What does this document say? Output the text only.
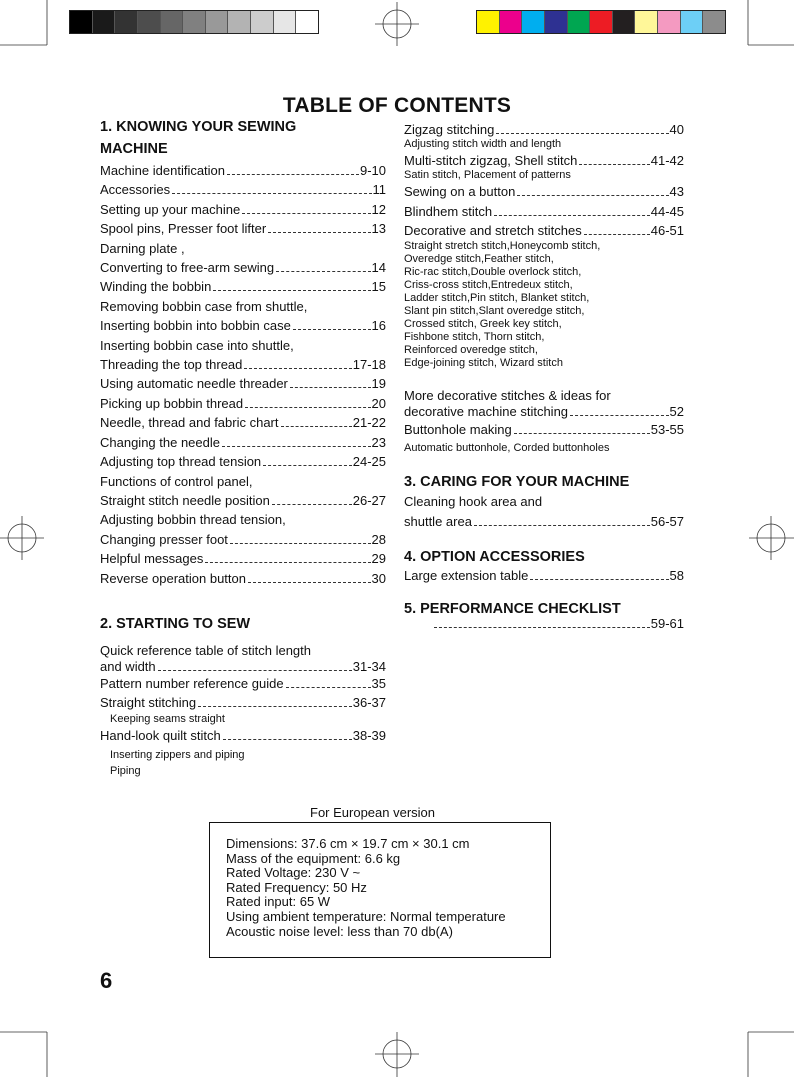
TABLE OF CONTENTS
1. KNOWING YOUR SEWING
MACHINE
Machine identification	9-10
Accessories	11
Setting up your machine	12
Spool pins, Presser foot lifter	13
Darning plate ,
Converting to free-arm sewing	14
Winding the bobbin	15
Removing bobbin case from shuttle,
Inserting bobbin into bobbin case	16
Inserting bobbin case into shuttle,
Threading the top thread	17-18
Using automatic needle threader	19
Picking up bobbin thread	20
Needle, thread and fabric chart	21-22
Changing the needle	23
Adjusting top thread tension	24-25
Functions of control panel,
Straight stitch needle position	26-27
Adjusting bobbin thread tension,
Changing presser foot	28
Helpful messages	29
Reverse operation button	30
2. STARTING TO SEW
Quick reference table of stitch length
and width	31-34
Pattern number reference guide	35
Straight stitching	36-37
Keeping seams straight
Hand-look quilt stitch	38-39
Inserting zippers and piping
Piping
Zigzag stitching	40
Adjusting stitch width and length
Multi-stitch zigzag, Shell stitch	41-42
Satin stitch, Placement of patterns
Sewing on a button	43
Blindhem stitch	44-45
Decorative and stretch stitches	46-51
Straight stretch stitch,Honeycomb stitch,
Overedge stitch,Feather stitch,
Ric-rac stitch,Double overlock stitch,
Criss-cross stitch,Entredeux stitch,
Ladder stitch,Pin stitch, Blanket stitch,
Slant pin stitch,Slant overedge stitch,
Crossed stitch, Greek key stitch,
Fishbone stitch, Thorn stitch,
Reinforced overedge stitch,
Edge-joining stitch, Wizard stitch
More decorative stitches & ideas for
decorative machine stitching	52
Buttonhole making	53-55
Automatic buttonhole, Corded buttonholes
3. CARING FOR YOUR MACHINE
Cleaning hook area and
shuttle area	56-57
4. OPTION ACCESSORIES
Large extension table	58
5. PERFORMANCE CHECKLIST
59-61
For European version
Dimensions: 37.6 cm × 19.7 cm × 30.1 cm
Mass of the equipment: 6.6 kg
Rated Voltage: 230 V ~
Rated Frequency: 50 Hz
Rated input: 65 W
Using ambient temperature: Normal temperature
Acoustic noise level: less than 70 db(A)
6
